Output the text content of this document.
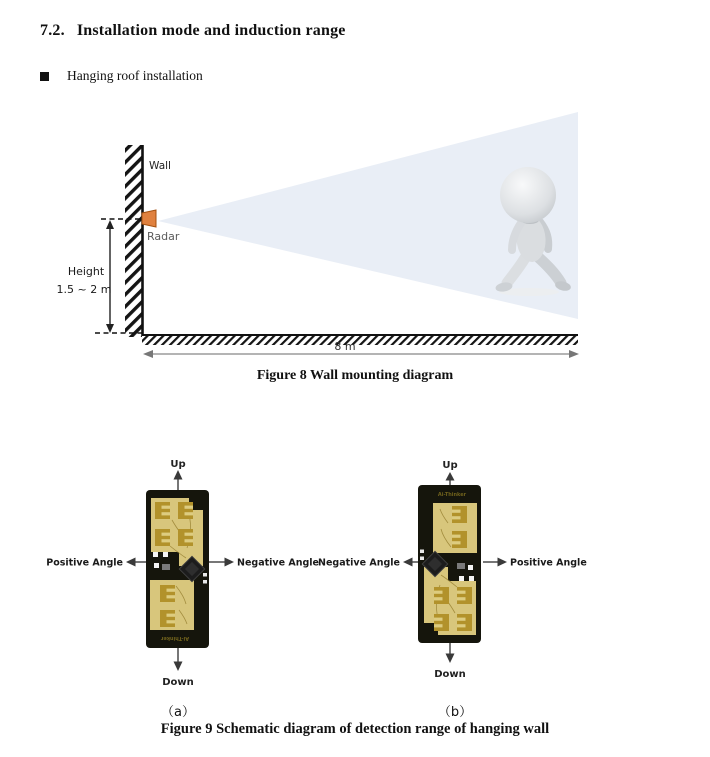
7.2. Installation mode and induction range
Hanging roof installation
Wall
Height
1.5 ~ 2 m
Radar
8 m
Figure 8 Wall mounting diagram
Ai-Thinker
Up
Positive Angle	Negative Angle
Down
Up
Negative Angle	Positive Angle
Down
（a）	（b）
Figure 9 Schematic diagram of detection range of hanging wall
